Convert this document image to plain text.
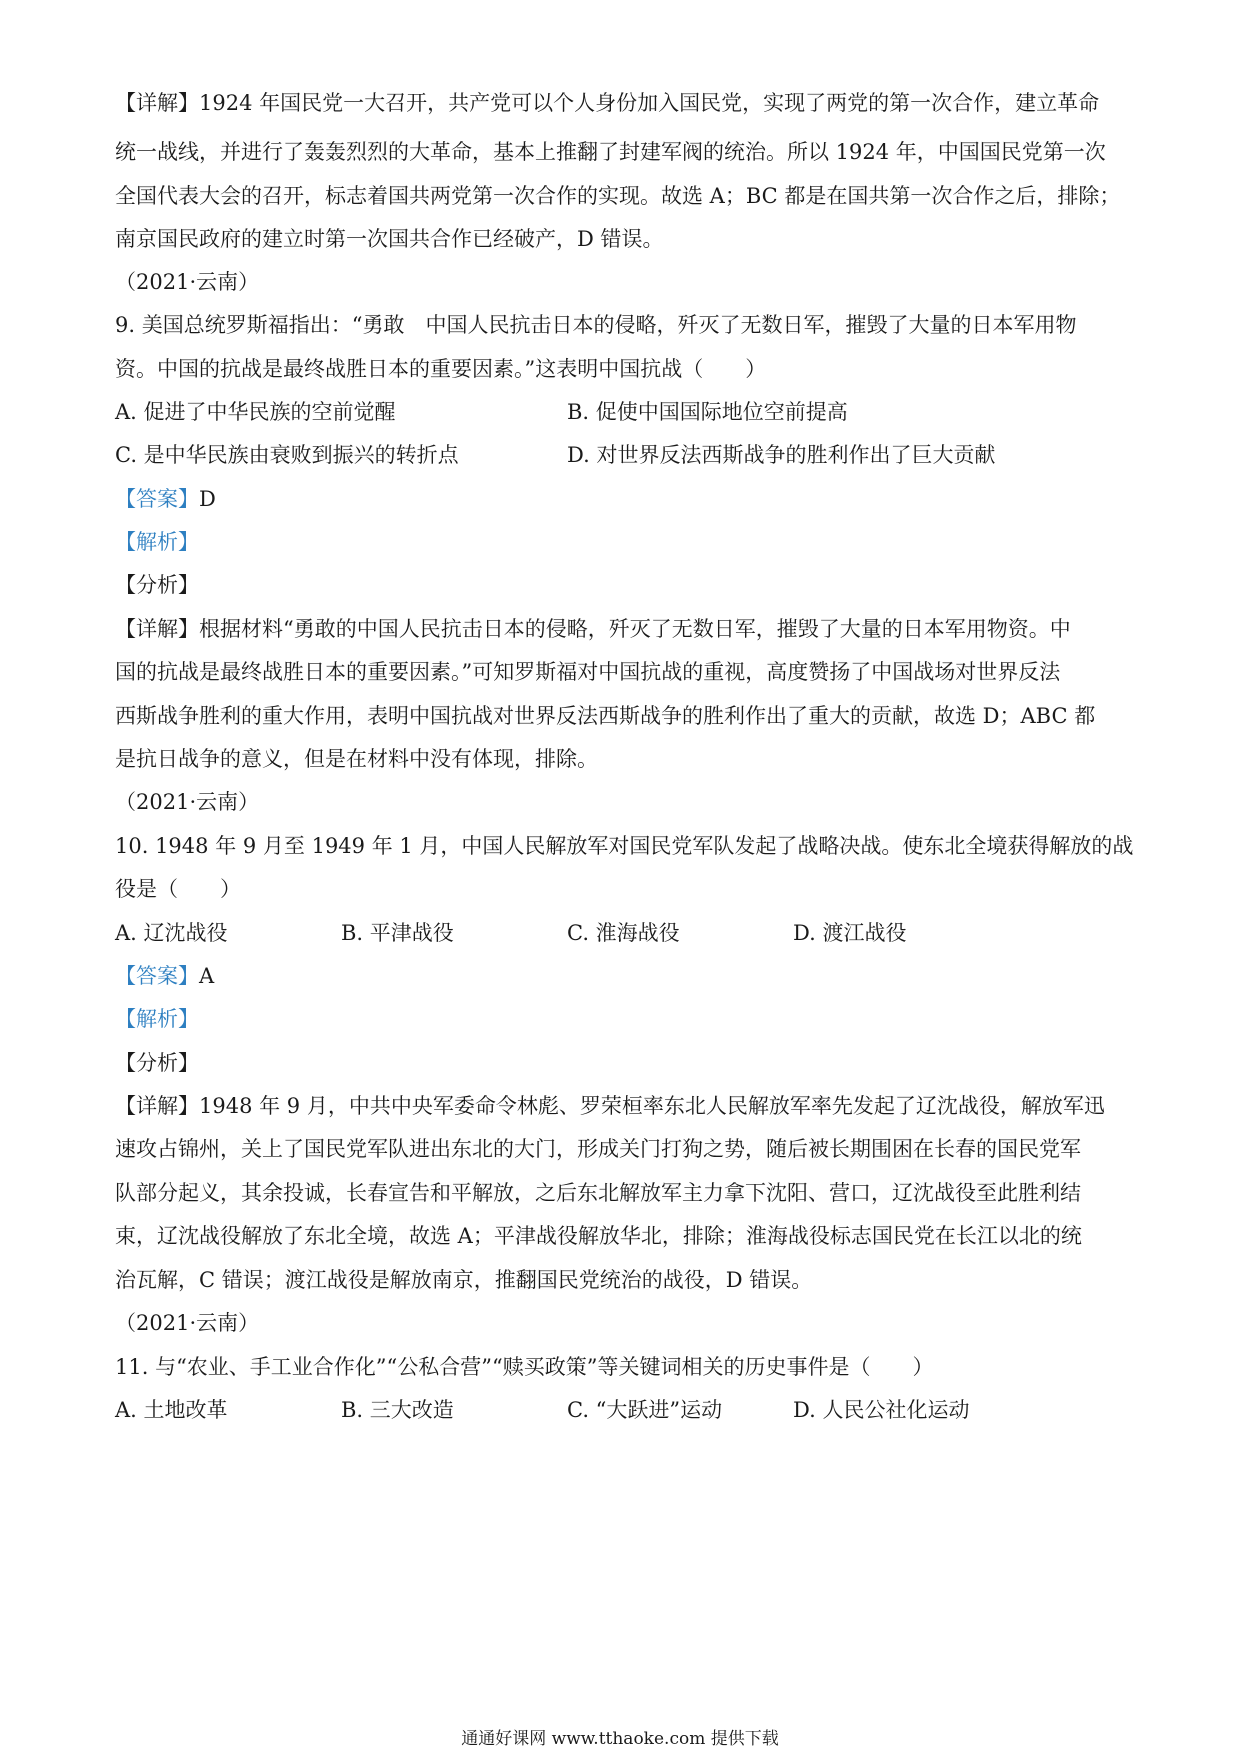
【详解】1924 年国民党一大召开，共产党可以个人身份加入国民党，实现了两党的第一次合作，建立革命
统一战线，并进行了轰轰烈烈的大革命，基本上推翻了封建军阀的统治。所以 1924 年，中国国民党第一次
全国代表大会的召开，标志着国共两党第一次合作的实现。故选 A；BC 都是在国共第一次合作之后，排除；
南京国民政府的建立时第一次国共合作已经破产，D 错误。
（2021·云南）
9. 美国总统罗斯福指出：“勇敢　中国人民抗击日本的侵略，歼灭了无数日军，摧毁了大量的日本军用物
资。中国的抗战是最终战胜日本的重要因素。”这表明中国抗战（　　）
A. 促进了中华民族的空前觉醒	B. 促使中国国际地位空前提高
C. 是中华民族由衰败到振兴的转折点	D. 对世界反法西斯战争的胜利作出了巨大贡献
【答案】D
【解析】
【分析】
【详解】根据材料“勇敢的中国人民抗击日本的侵略，歼灭了无数日军，摧毁了大量的日本军用物资。中
国的抗战是最终战胜日本的重要因素。”可知罗斯福对中国抗战的重视，高度赞扬了中国战场对世界反法
西斯战争胜利的重大作用，表明中国抗战对世界反法西斯战争的胜利作出了重大的贡献，故选 D；ABC 都
是抗日战争的意义，但是在材料中没有体现，排除。
（2021·云南）
10. 1948 年 9 月至 1949 年 1 月，中国人民解放军对国民党军队发起了战略决战。使东北全境获得解放的战
役是（　　）
A. 辽沈战役	B. 平津战役	C. 淮海战役	D. 渡江战役
【答案】A
【解析】
【分析】
【详解】1948 年 9 月，中共中央军委命令林彪、罗荣桓率东北人民解放军率先发起了辽沈战役，解放军迅
速攻占锦州，关上了国民党军队进出东北的大门，形成关门打狗之势，随后被长期围困在长春的国民党军
队部分起义，其余投诚，长春宣告和平解放，之后东北解放军主力拿下沈阳、营口，辽沈战役至此胜利结
束，辽沈战役解放了东北全境，故选 A；平津战役解放华北，排除；淮海战役标志国民党在长江以北的统
治瓦解，C 错误；渡江战役是解放南京，推翻国民党统治的战役，D 错误。
（2021·云南）
11. 与“农业、手工业合作化”“公私合营”“赎买政策”等关键词相关的历史事件是（　　）
A. 土地改革	B. 三大改造	C. “大跃进”运动	D. 人民公社化运动
通通好课网 www.tthaoke.com 提供下载
